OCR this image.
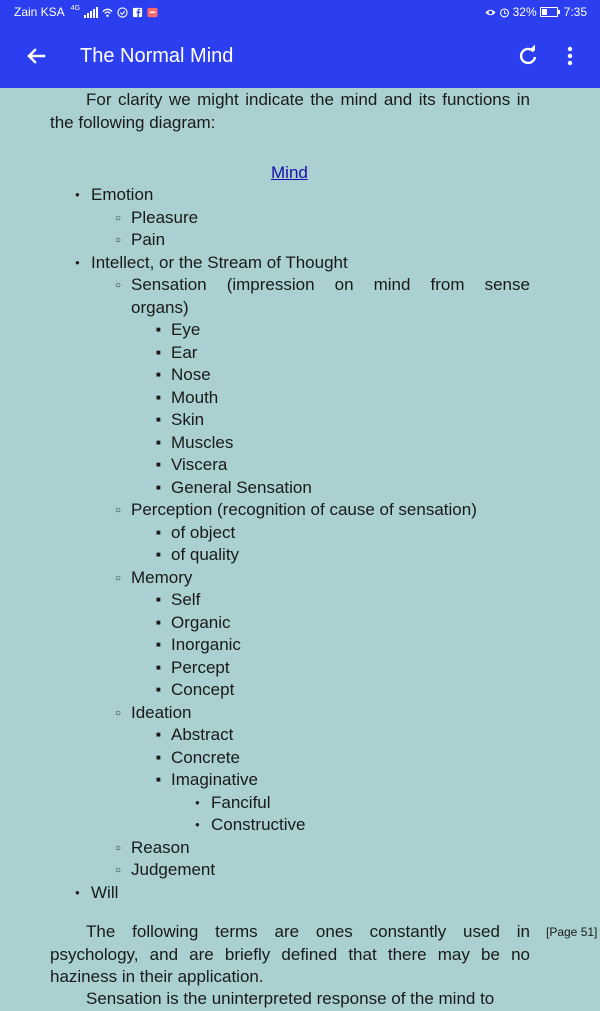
Zain KSA 4G	32% 7:35
The Normal Mind

For clarity we might indicate the mind and its functions in the following diagram:

Mind
● Emotion
○ Pleasure
○ Pain
● Intellect, or the Stream of Thought
○ Sensation (impression on mind from sense
organs)
■ Eye
■ Ear
■ Nose
■ Mouth
■ Skin
■ Muscles
■ Viscera
■ General Sensation
○ Perception (recognition of cause of sensation)
■ of object
■ of quality
○ Memory
■ Self
■ Organic
■ Inorganic
■ Percept
■ Concept
○ Ideation
■ Abstract
■ Concrete
■ Imaginative
● Fanciful
● Constructive
○ Reason
○ Judgement
● Will

The following terms are ones constantly used in psychology, and are briefly defined that there may be no haziness in their application.

[Page 51]
Sensation is the uninterpreted response of the mind to
